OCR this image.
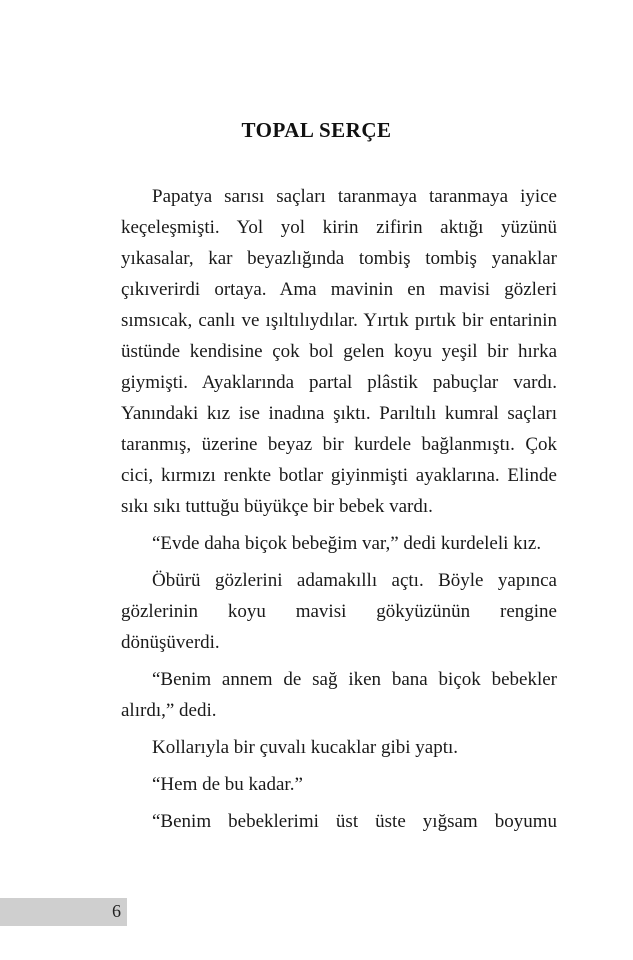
TOPAL SERÇE

Papatya sarısı saçları taranmaya taranmaya iyice keçeleşmişti. Yol yol kirin zifirin aktığı yüzünü yıkasalar, kar beyazlığında tombiş tombiş yanaklar çıkıverirdi ortaya. Ama mavinin en mavisi gözleri sımsıcak, canlı ve ışıltılıydılar. Yırtık pırtık bir entarinin üstünde kendisine çok bol gelen koyu yeşil bir hırka giymişti. Ayaklarında partal plâstik pabuçlar vardı. Yanındaki kız ise inadına şıktı. Parıltılı kumral saçları taranmış, üzerine beyaz bir kurdele bağlanmıştı. Çok cici, kırmızı renkte botlar giyinmişti ayaklarına. Elinde sıkı sıkı tuttuğu büyükçe bir bebek vardı.

“Evde daha biçok bebeğim var,” dedi kurdeleli kız.

Öbürü gözlerini adamakıllı açtı. Böyle yapınca gözlerinin koyu mavisi gökyüzünün rengine dönüşüverdi.

“Benim annem de sağ iken bana biçok bebekler alırdı,” dedi.

Kollarıyla bir çuvalı kucaklar gibi yaptı.

“Hem de bu kadar.”

“Benim bebeklerimi üst üste yığsam boyumu

6
